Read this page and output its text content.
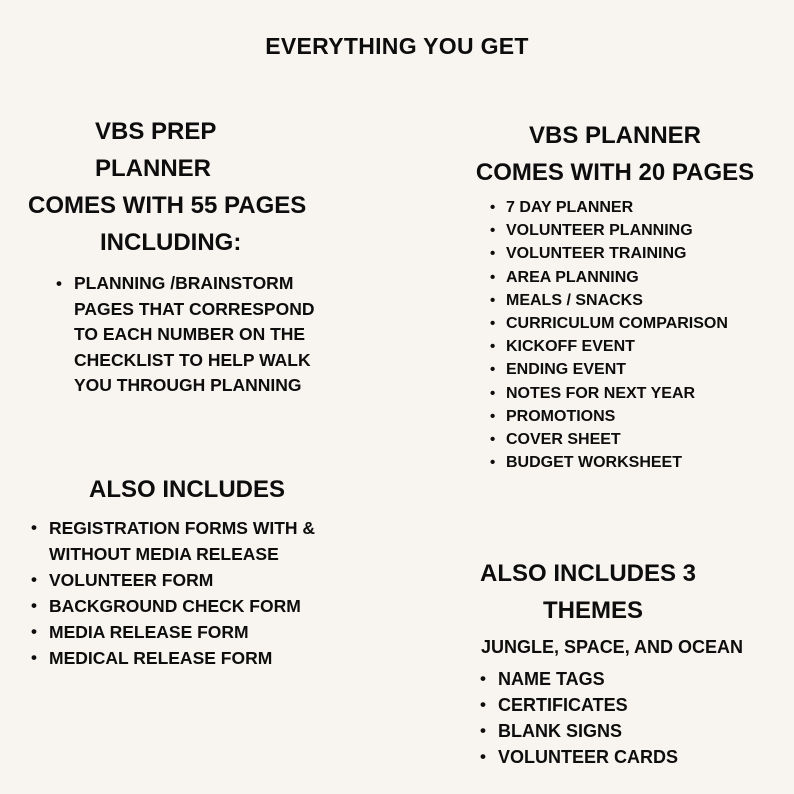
EVERYTHING YOU GET
VBS PREP
PLANNER
COMES WITH 55 PAGES
INCLUDING:
• PLANNING /BRAINSTORM
PAGES THAT CORRESPOND
TO EACH NUMBER ON THE
CHECKLIST TO HELP WALK
YOU THROUGH PLANNING
VBS PLANNER
COMES WITH 20 PAGES
• 7 DAY PLANNER
• VOLUNTEER PLANNING
• VOLUNTEER TRAINING
• AREA PLANNING
• MEALS / SNACKS
• CURRICULUM COMPARISON
• KICKOFF EVENT
• ENDING EVENT
• NOTES FOR NEXT YEAR
• PROMOTIONS
• COVER SHEET
• BUDGET WORKSHEET
ALSO INCLUDES
• REGISTRATION FORMS WITH &
WITHOUT MEDIA RELEASE
• VOLUNTEER FORM
• BACKGROUND CHECK FORM
• MEDIA RELEASE FORM
• MEDICAL RELEASE FORM
ALSO INCLUDES 3
THEMES
JUNGLE, SPACE, AND OCEAN
• NAME TAGS
• CERTIFICATES
• BLANK SIGNS
• VOLUNTEER CARDS
